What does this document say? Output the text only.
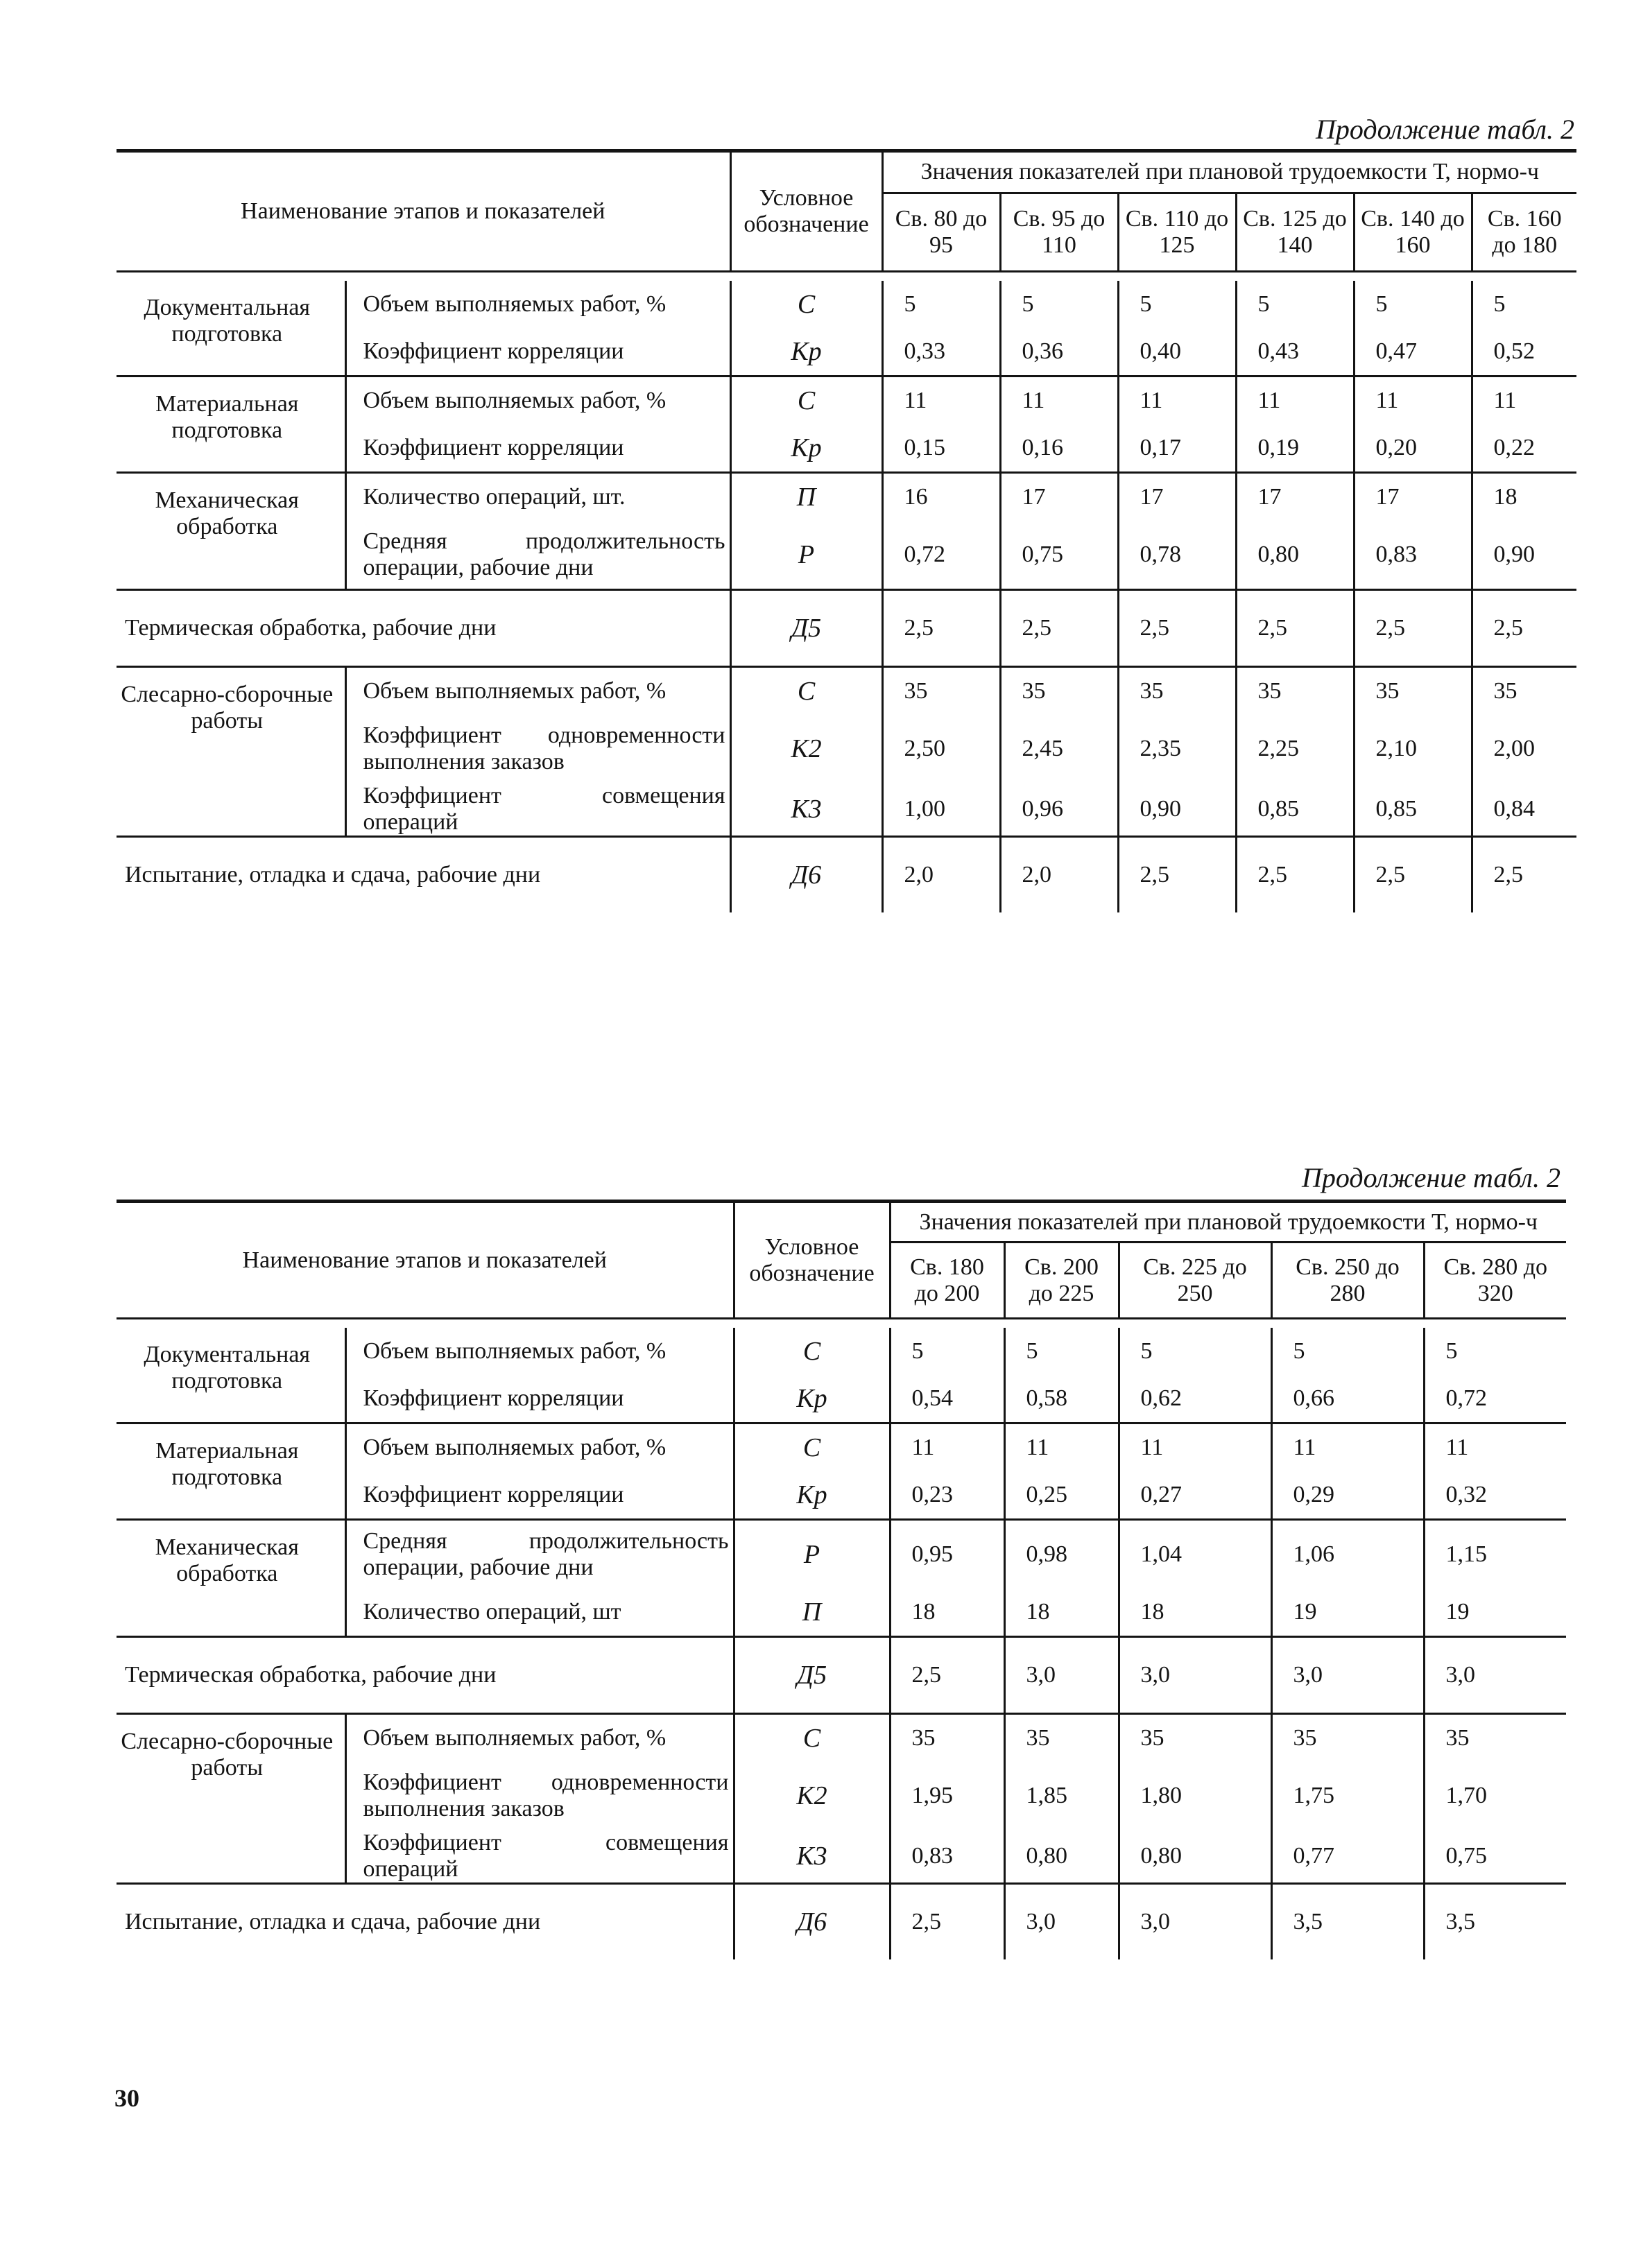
Продолжение табл. 2
Наименование этапов и показателей		Условное обозначение	Значения показателей при плановой трудоемкости Т, нормо-ч					
			Св. 80 до 95	Св. 95 до 110	Св. 110 до 125	Св. 125 до 140	Св. 140 до 160	Св. 160 до 180

Документальная подготовка	Объем выполняемых работ, %	C	5	5	5	5	5	5
	Коэффициент корреляции	Kр	0,33	0,36	0,40	0,43	0,47	0,52
Материальная подготовка	Объем выполняемых работ, %	C	11	11	11	11	11	11
	Коэффициент корреляции	Kр	0,15	0,16	0,17	0,19	0,20	0,22
Механическая обработка	Количество операций, шт.	П	16	17	17	17	17	18
	Средняя продолжительность операции, рабочие дни	P	0,72	0,75	0,78	0,80	0,83	0,90
Термическая обработка, рабочие дни		Д5	2,5	2,5	2,5	2,5	2,5	2,5
Слесарно-сборочные работы	Объем выполняемых работ, %	C	35	35	35	35	35	35
	Коэффициент одновременности выполнения заказов	K2	2,50	2,45	2,35	2,25	2,10	2,00
	Коэффициент совмещения операций	K3	1,00	0,96	0,90	0,85	0,85	0,84
Испытание, отладка и сдача, рабочие дни		Д6	2,0	2,0	2,5	2,5	2,5	2,5
Продолжение табл. 2
Наименование этапов и показателей		Условное обозначение	Значения показателей при плановой трудоемкости Т, нормо-ч				
			Св. 180 до 200	Св. 200 до 225	Св. 225 до 250	Св. 250 до 280	Св. 280 до 320

Документальная подготовка	Объем выполняемых работ, %	C	5	5	5	5	5
	Коэффициент корреляции	Kр	0,54	0,58	0,62	0,66	0,72
Материальная подготовка	Объем выполняемых работ, %	C	11	11	11	11	11
	Коэффициент корреляции	Kр	0,23	0,25	0,27	0,29	0,32
Механическая обработка	Средняя продолжительность операции, рабочие дни	P	0,95	0,98	1,04	1,06	1,15
	Количество операций, шт	П	18	18	18	19	19
Термическая обработка, рабочие дни		Д5	2,5	3,0	3,0	3,0	3,0
Слесарно-сборочные работы	Объем выполняемых работ, %	C	35	35	35	35	35
	Коэффициент одновременности выполнения заказов	K2	1,95	1,85	1,80	1,75	1,70
	Коэффициент совмещения операций	K3	0,83	0,80	0,80	0,77	0,75
Испытание, отладка и сдача, рабочие дни		Д6	2,5	3,0	3,0	3,5	3,5
30
